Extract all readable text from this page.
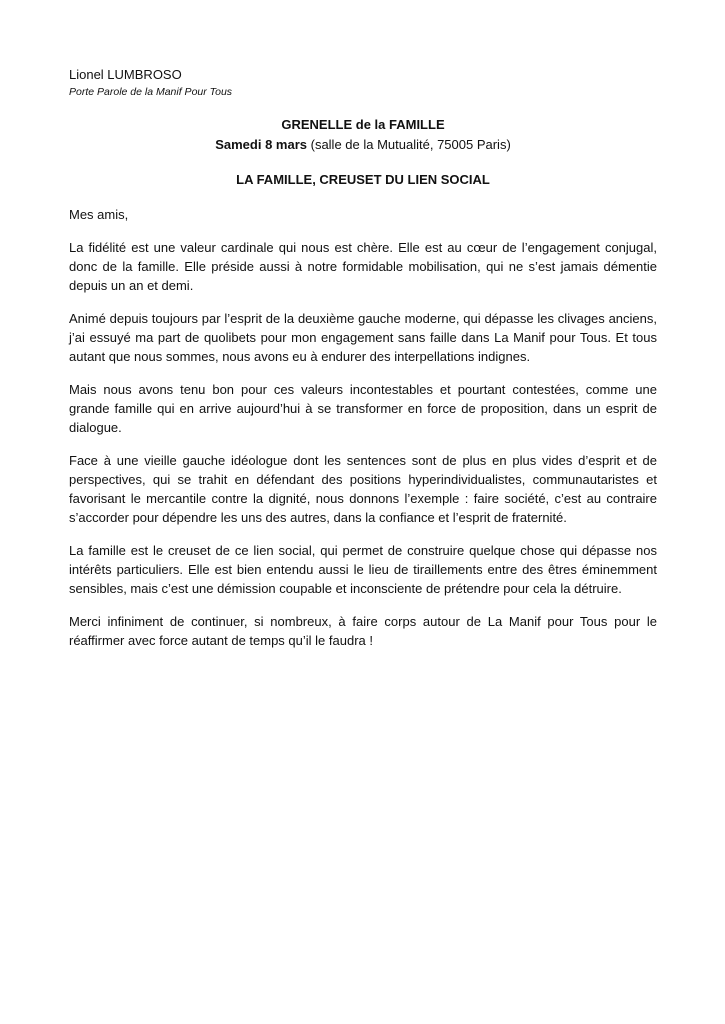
Lionel LUMBROSO

Porte Parole de la Manif Pour Tous

GRENELLE de la FAMILLE

Samedi 8 mars (salle de la Mutualité, 75005 Paris)

LA FAMILLE, CREUSET DU LIEN SOCIAL

Mes amis,

La fidélité est une valeur cardinale qui nous est chère. Elle est au cœur de l’engagement conjugal, donc de la famille. Elle préside aussi à notre formidable mobilisation, qui ne s’est jamais démentie depuis un an et demi.

Animé depuis toujours par l’esprit de la deuxième gauche moderne, qui dépasse les clivages anciens, j’ai essuyé ma part de quolibets pour mon engagement sans faille dans La Manif pour Tous. Et tous autant que nous sommes, nous avons eu à endurer des interpellations indignes.

Mais nous avons tenu bon pour ces valeurs incontestables et pourtant contestées, comme une grande famille qui en arrive aujourd’hui à se transformer en force de proposition, dans un esprit de dialogue.

Face à une vieille gauche idéologue dont les sentences sont de plus en plus vides d’esprit et de perspectives, qui se trahit en défendant des positions hyperindividualistes, communautaristes et favorisant le mercantile contre la dignité, nous donnons l’exemple : faire société, c’est au contraire s’accorder pour dépendre les uns des autres, dans la confiance et l’esprit de fraternité.

La famille est le creuset de ce lien social, qui permet de construire quelque chose qui dépasse nos intérêts particuliers. Elle est bien entendu aussi le lieu de tiraillements entre des êtres éminemment sensibles, mais c’est une démission coupable et inconsciente de prétendre pour cela la détruire.

Merci infiniment de continuer, si nombreux, à faire corps autour de La Manif pour Tous pour le réaffirmer avec force autant de temps qu’il le faudra !
